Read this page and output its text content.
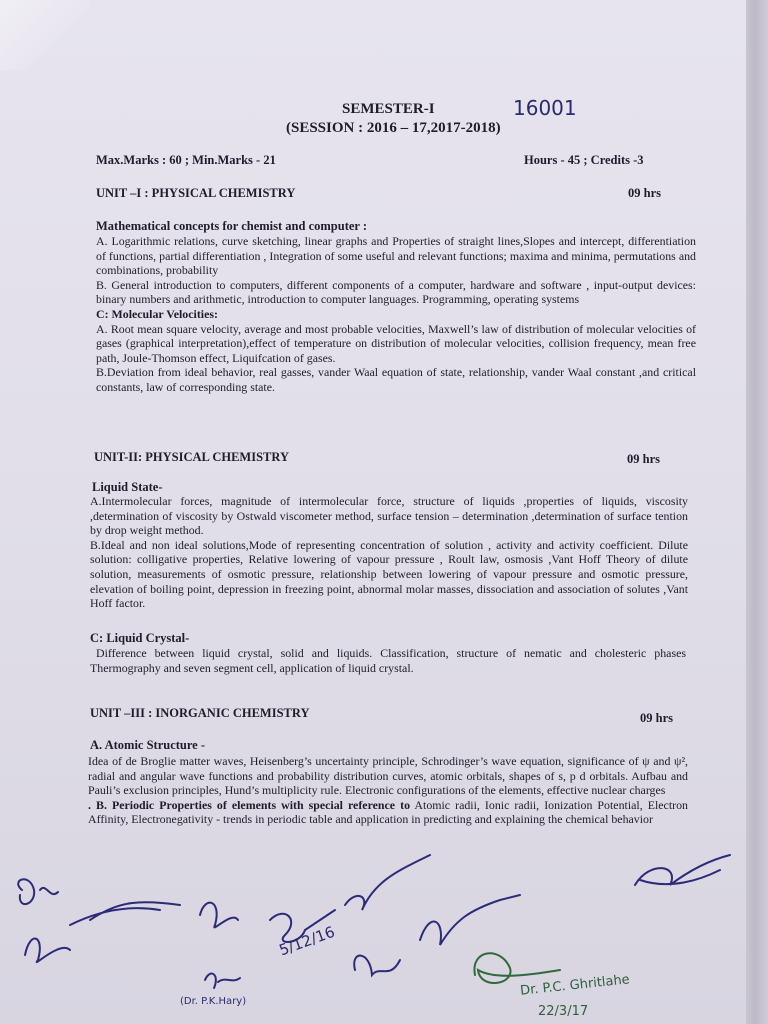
SEMESTER-I	16001
(SESSION : 2016 – 17,2017-2018)
Max.Marks : 60 ; Min.Marks - 21	Hours - 45 ; Credits -3
UNIT –I : PHYSICAL CHEMISTRY	09 hrs
Mathematical concepts for chemist and computer :

A. Logarithmic relations, curve sketching, linear graphs and Properties of straight lines,Slopes and intercept, differentiation of functions, partial differentiation , Integration of some useful and relevant functions; maxima and minima, permutations and combinations, probability

B. General introduction to computers, different components of a computer, hardware and software , input-output devices: binary numbers and arithmetic, introduction to computer languages. Programming, operating systems

C: Molecular Velocities:

A. Root mean square velocity, average and most probable velocities, Maxwell’s law of distribution of molecular velocities of gases (graphical interpretation),effect of temperature on distribution of molecular velocities, collision frequency, mean free path, Joule-Thomson effect, Liquifcation of gases.

B.Deviation from ideal behavior, real gasses, vander Waal equation of state, relationship, vander Waal constant ,and critical constants, law of corresponding state.

UNIT-II: PHYSICAL CHEMISTRY	09 hrs
Liquid State-

A.Intermolecular forces, magnitude of intermolecular force, structure of liquids ,properties of liquids, viscosity ,determination of viscosity by Ostwald viscometer method, surface tension – determination ,determination of surface tention by drop weight method.

B.Ideal and non ideal solutions,Mode of representing concentration of solution , activity and activity coefficient. Dilute solution: colligative properties, Relative lowering of vapour pressure , Roult law, osmosis ,Vant Hoff Theory of dilute solution, measurements of osmotic pressure, relationship between lowering of vapour pressure and osmotic pressure, elevation of boiling point, depression in freezing point, abnormal molar masses, dissociation and association of solutes ,Vant Hoff factor.

C: Liquid Crystal-
Difference between liquid crystal, solid and liquids. Classification, structure of nematic and cholesteric phases Thermography and seven segment cell, application of liquid crystal.
UNIT –III : INORGANIC CHEMISTRY	09 hrs
A. Atomic Structure -

Idea of de Broglie matter waves, Heisenberg’s uncertainty principle, Schrodinger’s wave equation, significance of ψ and ψ², radial and angular wave functions and probability distribution curves, atomic orbitals, shapes of s, p d orbitals. Aufbau and Pauli’s exclusion principles, Hund’s multiplicity rule. Electronic configurations of the elements, effective nuclear charges

. B. Periodic Properties of elements with special reference to Atomic radii, Ionic radii, Ionization Potential, Electron Affinity, Electronegativity - trends in periodic table and application in predicting and explaining the chemical behavior

5/12/16
(Dr. P.K.Hary)
Dr. P.C. Ghritlahe
22/3/17
